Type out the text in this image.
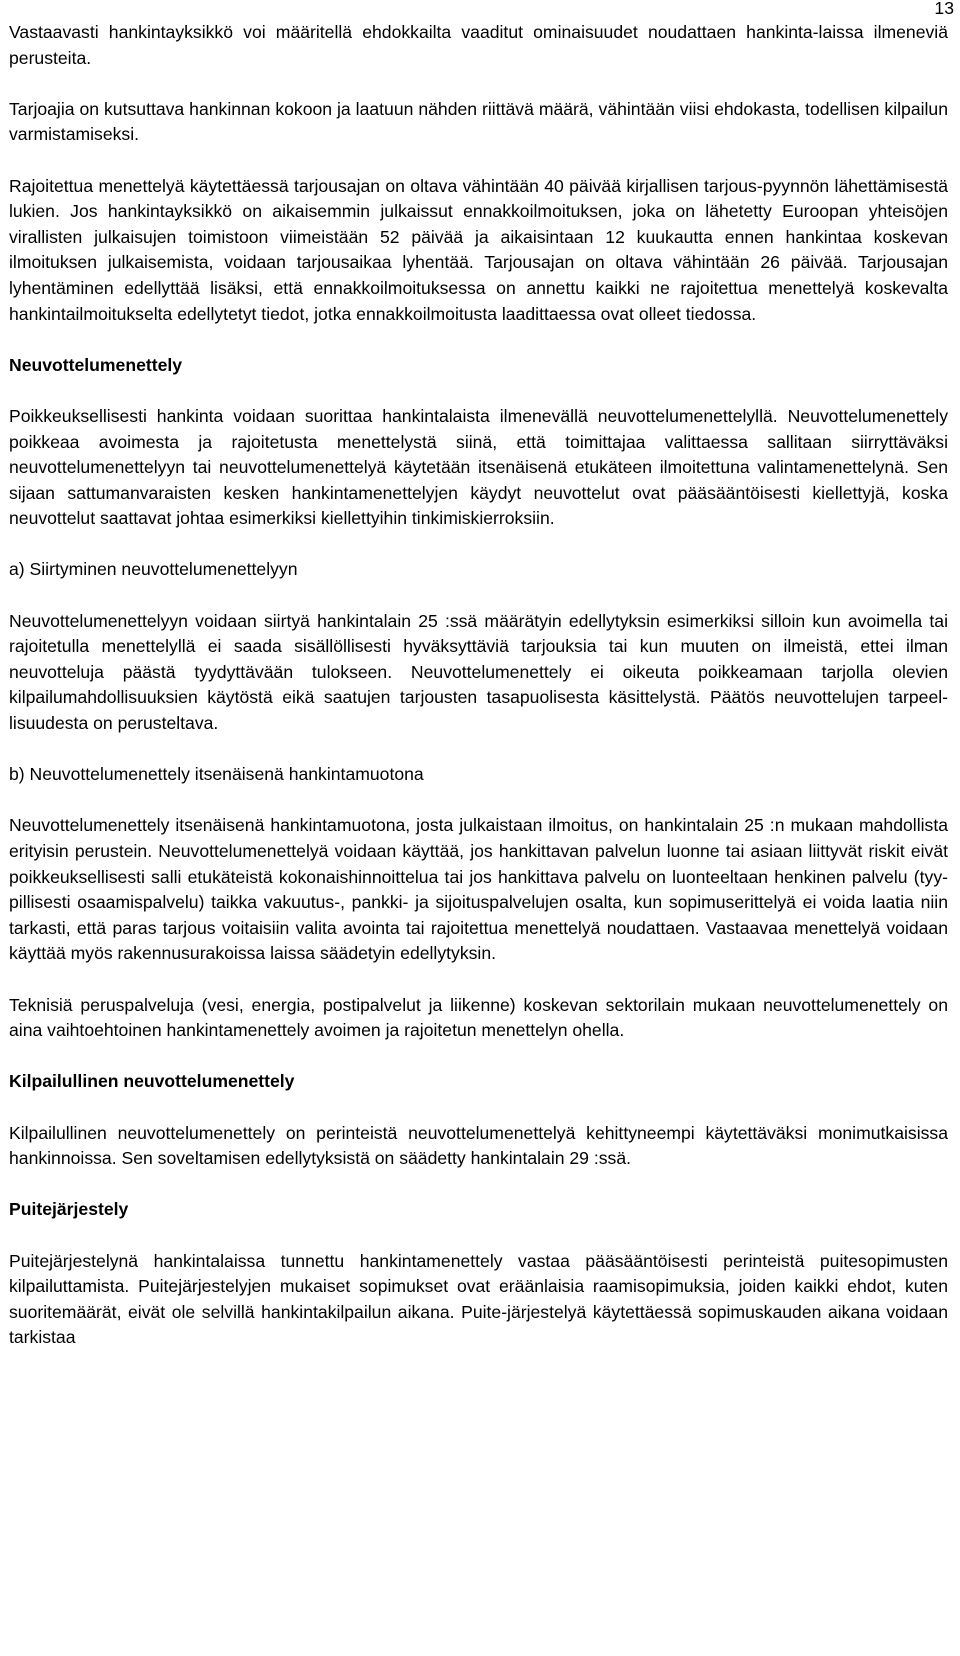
13

Vastaavasti hankintayksikkö voi määritellä ehdokkailta vaaditut ominaisuudet noudattaen hankinta-laissa ilmeneviä perusteita.

Tarjoajia on kutsuttava hankinnan kokoon ja laatuun nähden riittävä määrä, vähintään viisi ehdokasta, todellisen kilpailun varmistamiseksi.

Rajoitettua menettelyä käytettäessä tarjousajan on oltava vähintään 40 päivää kirjallisen tarjous-pyynnön lähettämisestä lukien. Jos hankintayksikkö on aikaisemmin julkaissut ennakkoilmoituksen, joka on lähetetty Euroopan yhteisöjen virallisten julkaisujen toimistoon viimeistään 52 päivää ja aikaisintaan 12 kuukautta ennen hankintaa koskevan ilmoituksen julkaisemista, voidaan tarjousaikaa lyhentää. Tarjousajan on oltava vähintään 26 päivää. Tarjousajan lyhentäminen edellyttää lisäksi, että ennakkoilmoituksessa on annettu kaikki ne rajoitettua menettelyä koskevalta hankintailmoitukselta edellytetyt tiedot, jotka ennakkoilmoitusta laadittaessa ovat olleet tiedossa.

Neuvottelumenettely

Poikkeuksellisesti hankinta voidaan suorittaa hankintalaista ilmenevällä neuvottelumenettelyllä. Neuvottelumenettely poikkeaa avoimesta ja rajoitetusta menettelystä siinä, että toimittajaa valittaessa sallitaan siirryttäväksi neuvottelumenettelyyn tai neuvottelumenettelyä käytetään itsenäisenä etukäteen ilmoitettuna valintamenettelynä. Sen sijaan sattumanvaraisten kesken hankintamenettelyjen käydyt neuvottelut ovat pääsääntöisesti kiellettyjä, koska neuvottelut saattavat johtaa esimerkiksi kiellettyihin tinkimiskierroksiin.

a) Siirtyminen neuvottelumenettelyyn

Neuvottelumenettelyyn voidaan siirtyä hankintalain 25 :ssä määrätyin edellytyksin esimerkiksi silloin kun avoimella tai rajoitetulla menettelyllä ei saada sisällöllisesti hyväksyttäviä tarjouksia tai kun muuten on ilmeistä, ettei ilman neuvotteluja päästä tyydyttävään tulokseen. Neuvottelumenettely ei oikeuta poikkeamaan tarjolla olevien kilpailumahdollisuuksien käytöstä eikä saatujen tarjousten tasapuolisesta käsittelystä. Päätös neuvottelujen tarpeellisuudesta on perusteltava.

b) Neuvottelumenettely itsenäisenä hankintamuotona

Neuvottelumenettely itsenäisenä hankintamuotona, josta julkaistaan ilmoitus, on hankintalain 25 :n mukaan mahdollista erityisin perustein. Neuvottelumenettelyä voidaan käyttää, jos hankittavan palvelun luonne tai asiaan liittyvät riskit eivät poikkeuksellisesti salli etukäteistä kokonaishinnoittelua tai jos hankittava palvelu on luonteeltaan henkinen palvelu (tyypillisesti osaamispalvelu) taikka vakuutus-, pankki- ja sijoituspalvelujen osalta, kun sopimuserittelyä ei voida laatia niin tarkasti, että paras tarjous voitaisiin valita avointa tai rajoitettua menettelyä noudattaen. Vastaavaa menettelyä voidaan käyttää myös rakennusurakoissa laissa säädetyin edellytyksin.

Teknisiä peruspalveluja (vesi, energia, postipalvelut ja liikenne) koskevan sektorilain mukaan neuvottelumenettely on aina vaihtoehtoinen hankintamenettely avoimen ja rajoitetun menettelyn ohella.

Kilpailullinen neuvottelumenettely

Kilpailullinen neuvottelumenettely on perinteistä neuvottelumenettelyä kehittyneempi käytettäväksi monimutkaisissa hankinnoissa. Sen soveltamisen edellytyksistä on säädetty hankintalain 29 :ssä.

Puitejärjestely

Puitejärjestelynä hankintalaissa tunnettu hankintamenettely vastaa pääsääntöisesti perinteistä puitesopimusten kilpailuttamista. Puitejärjestelyjen mukaiset sopimukset ovat eräänlaisia raamisopimuksia, joiden kaikki ehdot, kuten suoritemäärät, eivät ole selvillä hankintakilpailun aikana. Puite-järjestelyä käytettäessä sopimuskauden aikana voidaan tarkistaa
